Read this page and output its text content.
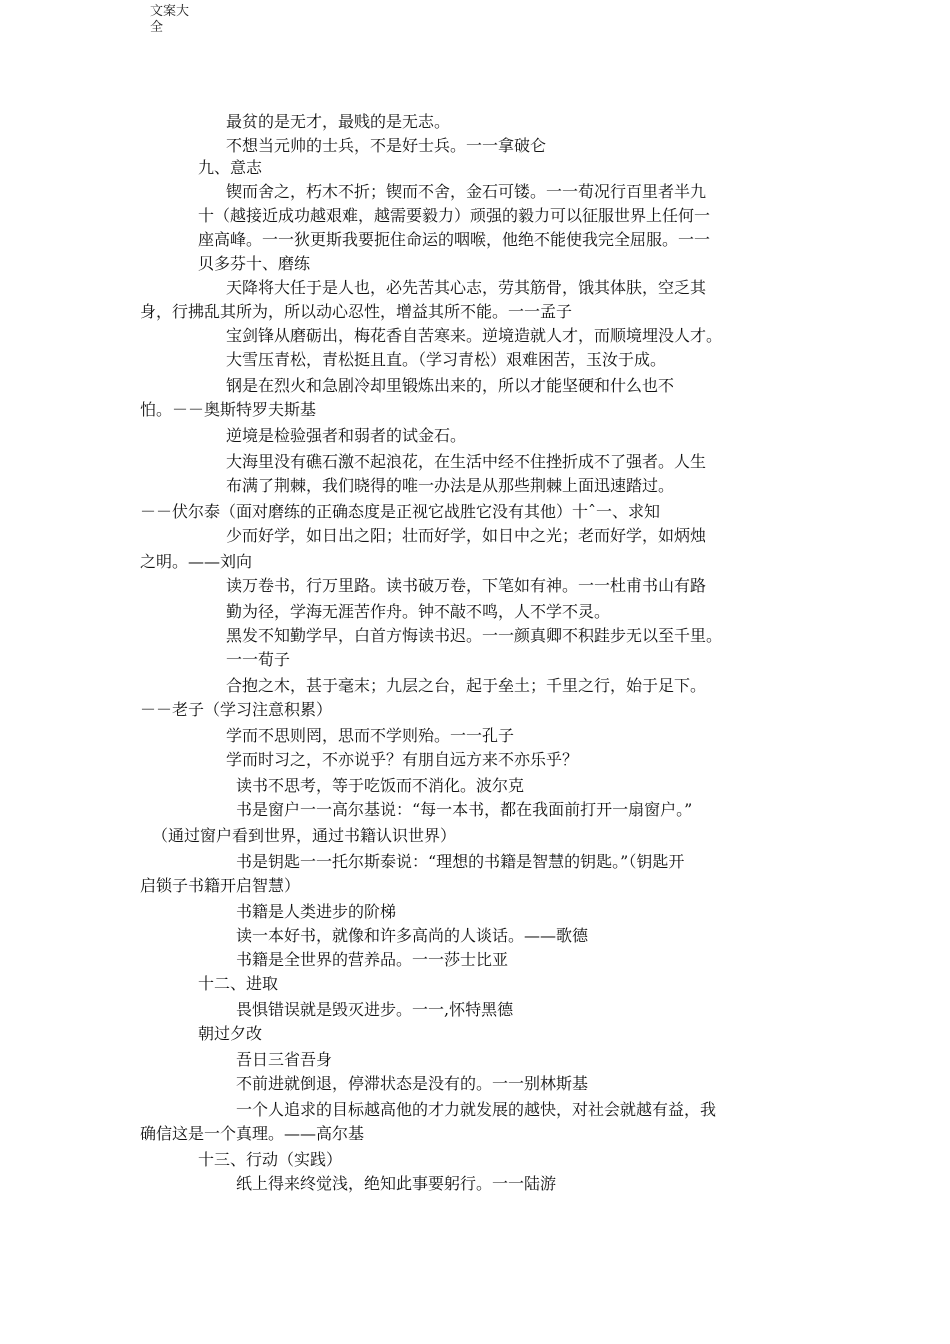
文案大全
最贫的是无才，最贱的是无志。
不想当元帅的士兵，不是好士兵。一一拿破仑
九、意志
锲而舍之，朽木不折；锲而不舍，金石可镂。一一荀况行百里者半九
十（越接近成功越艰难，越需要毅力）顽强的毅力可以征服世界上任何一
座高峰。一一狄更斯我要扼住命运的咽喉，他绝不能使我完全屈服。一一
贝多芬十、磨练
天降将大任于是人也，必先苦其心志，劳其筋骨，饿其体肤，空乏其
身，行拂乱其所为，所以动心忍性，增益其所不能。一一孟子
宝剑锋从磨砺出，梅花香自苦寒来。逆境造就人才，而顺境埋没人才。
大雪压青松，青松挺且直。（学习青松）艰难困苦，玉汝于成。
钢是在烈火和急剧冷却里锻炼出来的，所以才能坚硬和什么也不
怕。－－奥斯特罗夫斯基
逆境是检验强者和弱者的试金石。
大海里没有礁石激不起浪花，在生活中经不住挫折成不了强者。人生
布满了荆棘，我们晓得的唯一办法是从那些荆棘上面迅速踏过。
－－伏尔泰（面对磨练的正确态度是正视它战胜它没有其他）十ˆ一、求知
少而好学，如日出之阳；壮而好学，如日中之光；老而好学，如炳烛
之明。——刘向
读万卷书，行万里路。读书破万卷，下笔如有神。一一杜甫书山有路
勤为径，学海无涯苦作舟。钟不敲不鸣，人不学不灵。
黑发不知勤学早，白首方悔读书迟。一一颜真卿不积跬步无以至千里。
一一荀子
合抱之木，甚于毫末；九层之台，起于垒土；千里之行，始于足下。
－－老子（学习注意积累）
学而不思则罔，思而不学则殆。一一孔子
学而时习之，不亦说乎？有朋自远方来不亦乐乎？
读书不思考，等于吃饭而不消化。波尔克
书是窗户一一高尔基说：“每一本书，都在我面前打开一扇窗户。”
（通过窗户看到世界，通过书籍认识世界）
书是钥匙一一托尔斯泰说：“理想的书籍是智慧的钥匙。”（钥匙开
启锁子书籍开启智慧）
书籍是人类进步的阶梯
读一本好书，就像和许多高尚的人谈话。——歌德
书籍是全世界的营养品。一一莎士比亚
十二、进取
畏惧错误就是毁灭进步。一一,怀特黑德
朝过夕改
吾日三省吾身
不前进就倒退，停滞状态是没有的。一一别林斯基
一个人追求的目标越高他的才力就发展的越快，对社会就越有益，我
确信这是一个真理。——高尔基
十三、行动（实践）
纸上得来终觉浅，绝知此事要躬行。一一陆游
